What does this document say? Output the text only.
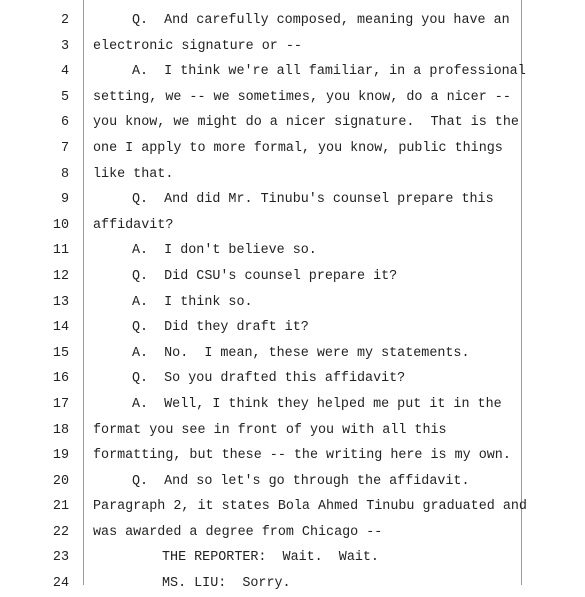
2	Q.  And carefully composed, meaning you have an
3 electronic signature or --
4	A.  I think we're all familiar, in a professional
5 setting, we -- we sometimes, you know, do a nicer --
6 you know, we might do a nicer signature.  That is the
7 one I apply to more formal, you know, public things
8 like that.
9	Q.  And did Mr. Tinubu's counsel prepare this
10 affidavit?
11	A.  I don't believe so.
12	Q.  Did CSU's counsel prepare it?
13	A.  I think so.
14	Q.  Did they draft it?
15	A.  No.  I mean, these were my statements.
16	Q.  So you drafted this affidavit?
17	A.  Well, I think they helped me put it in the
18 format you see in front of you with all this
19 formatting, but these -- the writing here is my own.
20	Q.  And so let's go through the affidavit.
21 Paragraph 2, it states Bola Ahmed Tinubu graduated and
22 was awarded a degree from Chicago --
23	THE REPORTER:  Wait.  Wait.
24	MS. LIU:  Sorry.
